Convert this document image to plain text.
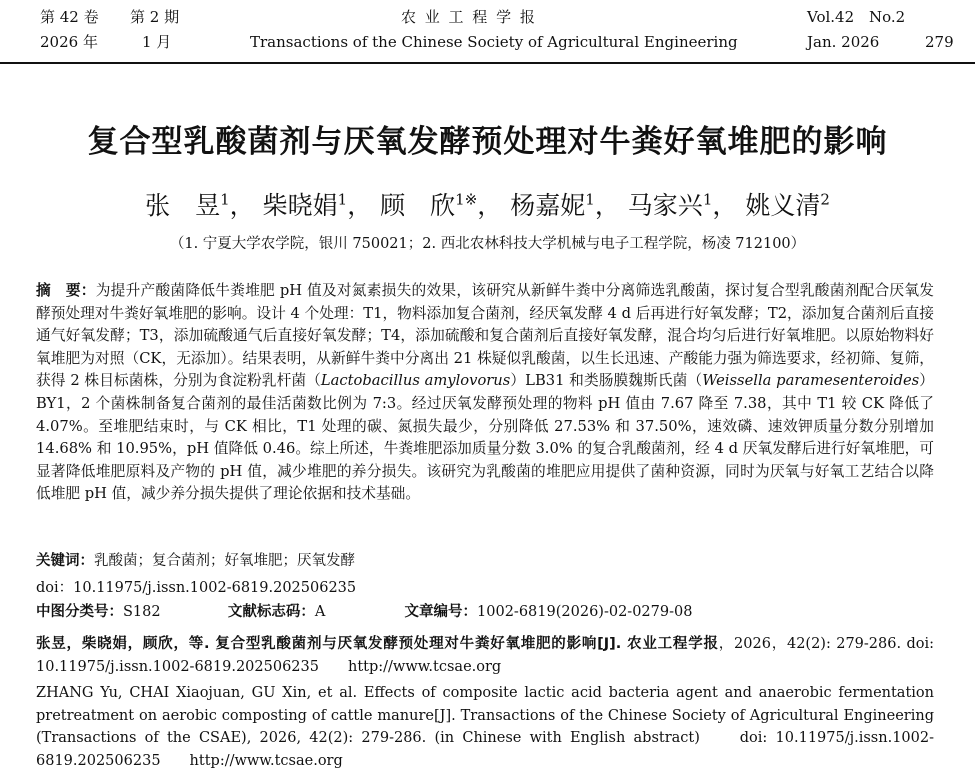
第 42 卷 第 2 期	农 业 工 程 学 报	Vol.42 No.2
2026 年	1 月	Transactions of the Chinese Society of Agricultural Engineering	Jan. 2026	279
复合型乳酸菌剂与厌氧发酵预处理对牛粪好氧堆肥的影响
张　昱$^1$， 柴晓娟$^1$， 顾　欣$^{1※}$， 杨嘉妮$^1$， 马家兴$^1$， 姚义清$^2$
（1. 宁夏大学农学院，银川 750021；2. 西北农林科技大学机械与电子工程学院，杨凌 712100）

摘　要：为提升产酸菌降低牛粪堆肥 pH 值及对氮素损失的效果，该研究从新鲜牛粪中分离筛选乳酸菌，探讨复合型乳酸菌剂配合厌氧发酵预处理对牛粪好氧堆肥的影响。设计 4 个处理：T1，物料添加复合菌剂，经厌氧发酵 4 d 后再进行好氧发酵；T2，添加复合菌剂后直接通气好氧发酵；T3，添加硫酸通气后直接好氧发酵；T4，添加硫酸和复合菌剂后直接好氧发酵，混合均匀后进行好氧堆肥。以原始物料好氧堆肥为对照（CK，无添加）。结果表明，从新鲜牛粪中分离出 21 株疑似乳酸菌，以生长迅速、产酸能力强为筛选要求，经初筛、复筛，获得 2 株目标菌株，分别为食淀粉乳杆菌（Lactobacillus amylovorus）LB31 和类肠膜魏斯氏菌（Weissella paramesenteroides）BY1，2 个菌株制备复合菌剂的最佳活菌数比例为 7:3。经过厌氧发酵预处理的物料 pH 值由 7.67 降至 7.38，其中 T1 较 CK 降低了 4.07%。至堆肥结束时，与 CK 相比，T1 处理的碳、氮损失最少，分别降低 27.53% 和 37.50%，速效磷、速效钾质量分数分别增加 14.68% 和 10.95%，pH 值降低 0.46。综上所述，牛粪堆肥添加质量分数 3.0% 的复合乳酸菌剂，经 4 d 厌氧发酵后进行好氧堆肥，可显著降低堆肥原料及产物的 pH 值，减少堆肥的养分损失。该研究为乳酸菌的堆肥应用提供了菌种资源，同时为厌氧与好氧工艺结合以降低堆肥 pH 值，减少养分损失提供了理论依据和技术基础。

关键词：乳酸菌；复合菌剂；好氧堆肥；厌氧发酵
doi：10.11975/j.issn.1002-6819.202506235
中图分类号：S182	文献标志码：A	文章编号：1002-6819(2026)-02-0279-08

张昱，柴晓娟，顾欣，等. 复合型乳酸菌剂与厌氧发酵预处理对牛粪好氧堆肥的影响[J]. 农业工程学报，2026，42(2): 279-286. doi: 10.11975/j.issn.1002-6819.202506235　　http://www.tcsae.org

ZHANG Yu, CHAI Xiaojuan, GU Xin, et al. Effects of composite lactic acid bacteria agent and anaerobic fermentation pretreatment on aerobic composting of cattle manure[J]. Transactions of the Chinese Society of Agricultural Engineering (Transactions of the CSAE), 2026, 42(2): 279-286. (in Chinese with English abstract)　　doi: 10.11975/j.issn.1002-6819.202506235　　http://www.tcsae.org
